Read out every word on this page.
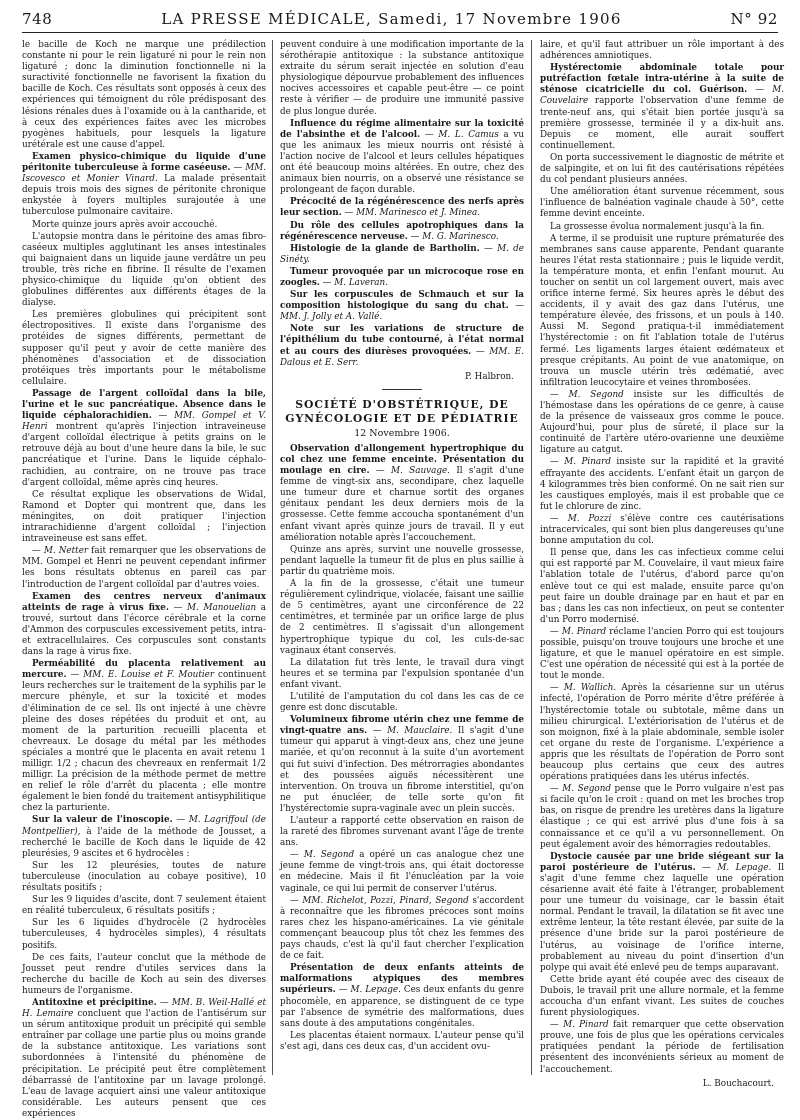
748	LA PRESSE MÉDICALE, Samedi, 17 Novembre 1906	N° 92

le bacille de Koch ne marque une prédilection constante ni pour le rein ligaturé ni pour le rein non ligaturé ; donc la diminution fonctionnelle ni la suractivité fonctionnelle ne favorisent la fixation du bacille de Koch. Ces résultats sont opposés à ceux des expériences qui témoignent du rôle prédisposant des lésions rénales dues à l'oxamide ou à la cantharide, et à ceux des expériences faites avec les microbes pyogènes habituels, pour lesquels la ligature urétérale est une cause d'appel.

Examen physico-chimique du liquide d'une péritonite tuberculeuse à forme caséeuse. — MM. Iscovesco et Monier Vinard. La malade présentait depuis trois mois des signes de péritonite chronique enkystée à foyers multiples surajoutée à une tuberculose pulmonaire cavitaire.

Morte quinze jours après avoir accouché.

L'autopsie montra dans le péritoine des amas fibro-caséeux multiples agglutinant les anses intestinales qui baignaient dans un liquide jaune verdâtre un peu trouble, très riche en fibrine. Il résulte de l'examen physico-chimique du liquide qu'on obtient des globulines différentes aux différents étages de la dialyse.

Les premières globulines qui précipitent sont électropositives. Il existe dans l'organisme des protéides de signes différents, permettant de supposer qu'il peut y avoir de cette manière des phénomènes d'association et de dissociation protéiques très importants pour le métabolisme cellulaire.

Passage de l'argent colloïdal dans la bile, l'urine et le suc pancréatique. Absence dans le liquide céphalorachidien. — MM. Gompel et V. Henri montrent qu'après l'injection intraveineuse d'argent colloïdal électrique à petits grains on le retrouve déjà au bout d'une heure dans la bile, le suc pancréatique et l'urine. Dans le liquide céphalo-rachidien, au contraire, on ne trouve pas trace d'argent colloïdal, même après cinq heures.

Ce résultat explique les observations de Widal, Ramond et Dopter qui montrent que, dans les méningites, on doit pratiquer l'injection intrarachidienne d'argent colloïdal ; l'injection intraveineuse est sans effet.

— M. Netter fait remarquer que les observations de MM. Gompel et Henri ne peuvent cependant infirmer les bons résultats obtenus en pareil cas par l'introduction de l'argent colloïdal par d'autres voies.

Examen des centres nerveux d'animaux atteints de rage à virus fixe. — M. Manouelian a trouvé, surtout dans l'écorce cérébrale et la corne d'Ammon des corpuscules excessivement petits, intra- et extracellulaires. Ces corpuscules sont constants dans la rage à virus fixe.

Perméabilité du placenta relativement au mercure. — MM. E. Louise et F. Moutier continuent leurs recherches sur le traitement de la syphilis par le mercure phényle, et sur la toxicité et modes d'élimination de ce sel. Ils ont injecté à une chèvre pleine des doses répétées du produit et ont, au moment de la parturition recueilli placenta et chevreaux. Le dosage du métal par les méthodes spéciales a montré que le placenta en avait retenu 1 milligr. 1/2 ; chacun des chevreaux en renfermait 1/2 milligr. La précision de la méthode permet de mettre en relief le rôle d'arrêt du placenta ; elle montre également le bien fondé du traitement antisyphilitique chez la parturiente.

Sur la valeur de l'inoscopie. — M. Lagriffoul (de Montpellier), à l'aide de la méthode de Jousset, a recherché le bacille de Koch dans le liquide de 42 pleurésies, 9 ascites et 6 hydrocèles :

Sur les 12 pleurésies, toutes de nature tuberculeuse (inoculation au cobaye positive), 10 résultats positifs ;

Sur les 9 liquides d'ascite, dont 7 seulement étaient en réalité tuberculeux, 6 résultats positifs ;

Sur les 6 liquides d'hydrocèle (2 hydrocèles tuberculeuses, 4 hydrocèles simples), 4 résultats positifs.

De ces faits, l'auteur conclut que la méthode de Jousset peut rendre d'utiles services dans la recherche du bacille de Koch au sein des diverses humeurs de l'organisme.

Antitoxine et précipitine. — MM. B. Weil-Hallé et H. Lemaire concluent que l'action de l'antisérum sur un sérum antitoxique produit un précipité qui semble entraîner par collage une partie plus ou moins grande de la substance antitoxique. Les variations sont subordonnées à l'intensité du phénomène de précipitation. Le précipité peut être complètement débarrassé de l'antitoxine par un lavage prolongé. L'eau de lavage acquiert ainsi une valeur antitoxique considérable. Les auteurs pensent que ces expériences

peuvent conduire à une modification importante de la sérothérapie antitoxique : la substance antitoxique extraite du sérum serait injectée en solution d'eau physiologique dépourvue probablement des influences nocives accessoires et capable peut-être — ce point reste à vérifier — de produire une immunité passive de plus longue durée.

Influence du régime alimentaire sur la toxicité de l'absinthe et de l'alcool. — M. L. Camus a vu que les animaux les mieux nourris ont résisté à l'action nocive de l'alcool et leurs cellules hépatiques ont été beaucoup moins altérées. En outre, chez des animaux bien nourris, on a observé une résistance se prolongeant de façon durable.

Précocité de la régénérescence des nerfs après leur section. — MM. Marinesco et J. Minea.

Du rôle des cellules apotrophiques dans la régénérescence nerveuse. — M. G. Marinesco.

Histologie de la glande de Bartholin. — M. de Sinéty.

Tumeur provoquée par un microcoque rose en zoogles. — M. Laveran.

Sur les corpuscules de Schmauch et sur la composition histologique du sang du chat. — MM. J. Jolly et A. Vallé.

Note sur les variations de structure de l'épithélium du tube contourné, à l'état normal et au cours des diurèses provoquées. — MM. E. Dalous et E. Serr.

P. Halbron.

SOCIÉTÉ D'OBSTÉTRIQUE, DE GYNÉCOLOGIE ET DE PÉDIATRIE
12 Novembre 1906.

Observation d'allongement hypertrophique du col chez une femme enceinte. Présentation du moulage en cire. — M. Sauvage. Il s'agit d'une femme de vingt-six ans, secondipare, chez laquelle une tumeur dure et charnue sortit des organes génitaux pendant les deux derniers mois de la grossesse. Cette femme accoucha spontanément d'un enfant vivant après quinze jours de travail. Il y eut amélioration notable après l'accouchement.

Quinze ans après, survint une nouvelle grossesse, pendant laquelle la tumeur fit de plus en plus saillie à partir du quatrième mois.

A la fin de la grossesse, c'était une tumeur régulièrement cylindrique, violacée, faisant une saillie de 5 centimètres, ayant une circonférence de 22 centimètres, et terminée par un orifice large de plus de 2 centimètres. Il s'agissait d'un allongement hypertrophique typique du col, les culs-de-sac vaginaux étant conservés.

La dilatation fut très lente, le travail dura vingt heures et se termina par l'expulsion spontanée d'un enfant vivant.

L'utilité de l'amputation du col dans les cas de ce genre est donc discutable.

Volumineux fibrome utérin chez une femme de vingt-quatre ans. — M. Mauclaire. Il s'agit d'une tumeur qui apparut à vingt-deux ans, chez une jeune mariée, et qu'on reconnut à la suite d'un avortement qui fut suivi d'infection. Des métrorragies abondantes et des poussées aiguës nécessitèrent une intervention. On trouva un fibrome interstitiel, qu'on ne put énucléer, de telle sorte qu'on fit l'hystérectomie supra-vaginale avec un plein succès.

L'auteur a rapporté cette observation en raison de la rareté des fibromes survenant avant l'âge de trente ans.

— M. Segond a opéré un cas analogue chez une jeune femme de vingt-trois ans, qui était doctoresse en médecine. Mais il fit l'énucléation par la voie vaginale, ce qui lui permit de conserver l'utérus.

— MM. Richelot, Pozzi, Pinard, Segond s'accordent à reconnaître que les fibromes précoces sont moins rares chez les hispano-américaines. La vie génitale commençant beaucoup plus tôt chez les femmes des pays chauds, c'est là qu'il faut chercher l'explication de ce fait.

Présentation de deux enfants atteints de malformations atypiques des membres supérieurs. — M. Lepage. Ces deux enfants du genre phocomèle, en apparence, se distinguent de ce type par l'absence de symétrie des malformations, dues sans doute à des amputations congénitales.

Les placentas étaient normaux. L'auteur pense qu'il s'est agi, dans ces deux cas, d'un accident ovu-

laire, et qu'il faut attribuer un rôle important à des adhérences amniotiques.

Hystérectomie abdominale totale pour putréfaction fœtale intra-utérine à la suite de sténose cicatricielle du col. Guérison. — M. Couvelaire rapporte l'observation d'une femme de trente-neuf ans, qui s'était bien portée jusqu'à sa première grossesse, terminée il y a dix-huit ans. Depuis ce moment, elle aurait souffert continuellement.

On porta successivement le diagnostic de métrite et de salpingite, et on lui fit des cautérisations répétées du col pendant plusieurs années.

Une amélioration étant survenue récemment, sous l'influence de balnéation vaginale chaude à 50°, cette femme devint enceinte.

La grossesse évolua normalement jusqu'à la fin.

A terme, il se produisit une rupture prématurée des membranes sans cause apparente. Pendant quarante heures l'état resta stationnaire ; puis le liquide verdit, la température monta, et enfin l'enfant mourut. Au toucher on sentit un col largement ouvert, mais avec orifice interne fermé. Six heures après le début des accidents, il y avait des gaz dans l'utérus, une température élevée, des frissons, et un pouls à 140. Aussi M. Segond pratiqua-t-il immédiatement l'hystérectomie : on fit l'ablation totale de l'utérus fermé. Les ligaments larges étaient œdémateux et presque crépitants. Au point de vue anatomique, on trouva un muscle utérin très œdématié, avec infiltration leucocytaire et veines thrombosées.

— M. Segond insiste sur les difficultés de l'hémostase dans les opérations de ce genre, à cause de la présence de vaisseaux gros comme le pouce. Aujourd'hui, pour plus de sûreté, il place sur la continuité de l'artère utéro-ovarienne une deuxième ligature au catgut.

— M. Pinard insiste sur la rapidité et la gravité effrayante des accidents. L'enfant était un garçon de 4 kilogrammes très bien conformé. On ne sait rien sur les caustiques employés, mais il est probable que ce fut le chlorure de zinc.

— M. Pozzi s'élève contre ces cautérisations intracervicales, qui sont bien plus dangereuses qu'une bonne amputation du col.

Il pense que, dans les cas infectieux comme celui qui est rapporté par M. Couvelaire, il vaut mieux faire l'ablation totale de l'utérus, d'abord parce qu'on enlève tout ce qui est malade, ensuite parce qu'on peut faire un double drainage par en haut et par en bas ; dans les cas non infectieux, on peut se contenter d'un Porro modernisé.

— M. Pinard réclame l'ancien Porro qui est toujours possible, puisqu'on trouve toujours une broche et une ligature, et que le manuel opératoire en est simple. C'est une opération de nécessité qui est à la portée de tout le monde.

— M. Wallich. Après la césarienne sur un utérus infecté, l'opération de Porro mérite d'être préférée à l'hystérectomie totale ou subtotale, même dans un milieu chirurgical. L'extériorisation de l'utérus et de son moignon, fixé à la plaie abdominale, semble isoler cet organe du reste de l'organisme. L'expérience a appris que les résultats de l'opération de Porro sont beaucoup plus certains que ceux des autres opérations pratiquées dans les utérus infectés.

— M. Segond pense que le Porro vulgaire n'est pas si facile qu'on le croit : quand on met les broches trop bas, on risque de prendre les uretères dans la ligature élastique ; ce qui est arrivé plus d'une fois à sa connaissance et ce qu'il a vu personnellement. On peut également avoir des hémorragies redoutables.

Dystocie causée par une bride siégeant sur la paroi postérieure de l'utérus. — M. Lepage. Il s'agit d'une femme chez laquelle une opération césarienne avait été faite à l'étranger, probablement pour une tumeur du voisinage, car le bassin était normal. Pendant le travail, la dilatation se fit avec une extrême lenteur, la tête restant élevée, par suite de la présence d'une bride sur la paroi postérieure de l'utérus, au voisinage de l'orifice interne, probablement au niveau du point d'insertion d'un polype qui avait été enlevé peu de temps auparavant.

Cette bride ayant été coupée avec des ciseaux de Dubois, le travail prit une allure normale, et la femme accoucha d'un enfant vivant. Les suites de couches furent physiologiques.

— M. Pinard fait remarquer que cette observation prouve, une fois de plus que les opérations cervicales pratiquées pendant la période de fertilisation présentent des inconvénients sérieux au moment de l'accouchement.

L. Bouchacourt.
